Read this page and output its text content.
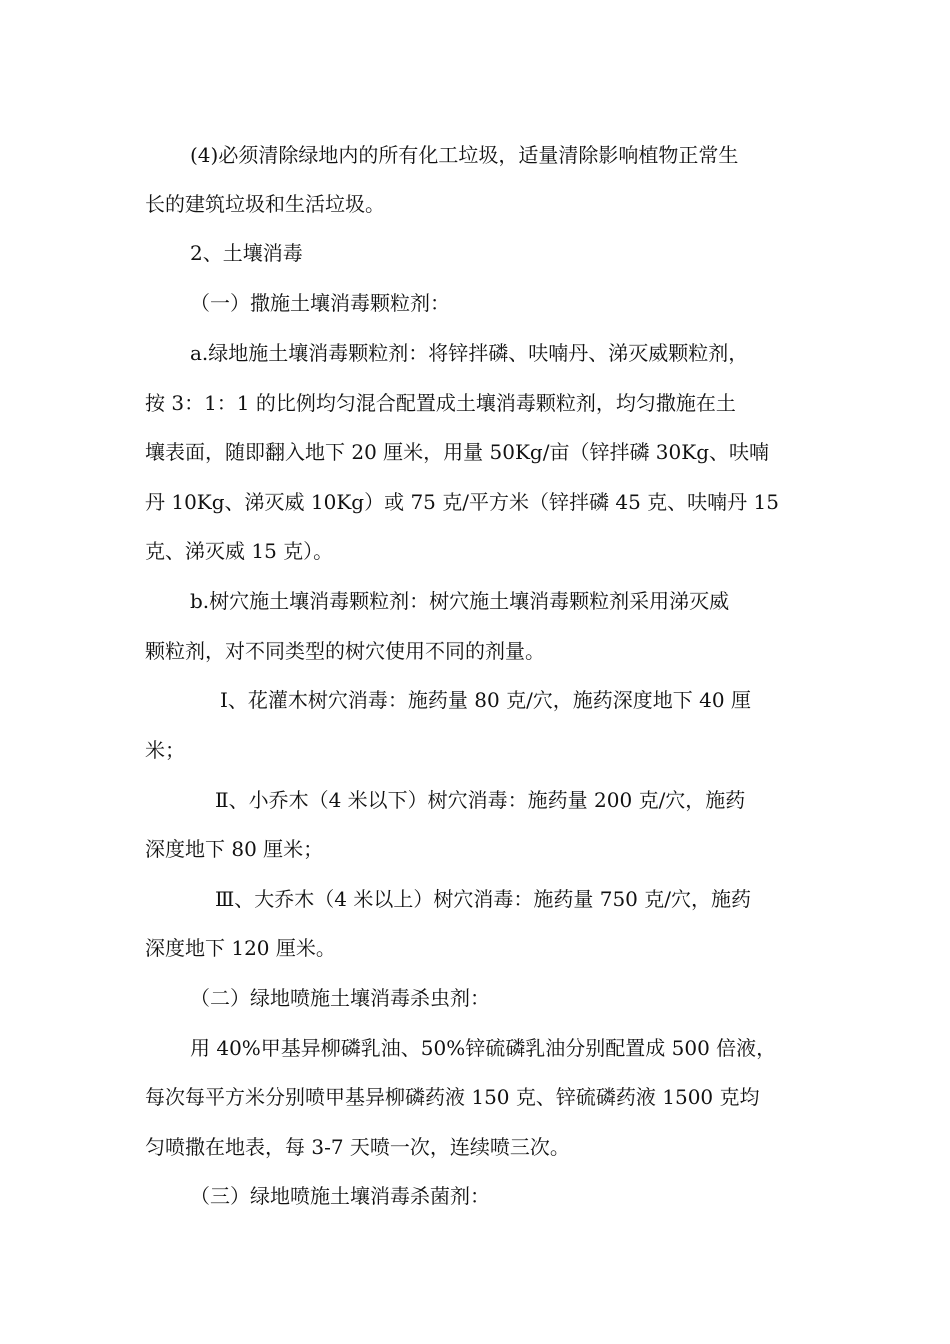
(4)必须清除绿地内的所有化工垃圾，适量清除影响植物正常生

长的建筑垃圾和生活垃圾。

2、土壤消毒

（一）撒施土壤消毒颗粒剂：

a.绿地施土壤消毒颗粒剂：将锌拌磷、呋喃丹、涕灭威颗粒剂，

按 3：1：1 的比例均匀混合配置成土壤消毒颗粒剂，均匀撒施在土

壤表面，随即翻入地下 20 厘米，用量 50Kg/亩（锌拌磷 30Kg、呋喃

丹 10Kg、涕灭威 10Kg）或 75 克/平方米（锌拌磷 45 克、呋喃丹 15

克、涕灭威 15 克）。

b.树穴施土壤消毒颗粒剂：树穴施土壤消毒颗粒剂采用涕灭威

颗粒剂，对不同类型的树穴使用不同的剂量。

Ⅰ、花灌木树穴消毒：施药量 80 克/穴，施药深度地下 40 厘

米；

Ⅱ、小乔木（4 米以下）树穴消毒：施药量 200 克/穴，施药

深度地下 80 厘米；

Ⅲ、大乔木（4 米以上）树穴消毒：施药量 750 克/穴，施药

深度地下 120 厘米。

（二）绿地喷施土壤消毒杀虫剂：

用 40%甲基异柳磷乳油、50%锌硫磷乳油分别配置成 500 倍液，

每次每平方米分别喷甲基异柳磷药液 150 克、锌硫磷药液 1500 克均

匀喷撒在地表，每 3-7 天喷一次，连续喷三次。

（三）绿地喷施土壤消毒杀菌剂：
